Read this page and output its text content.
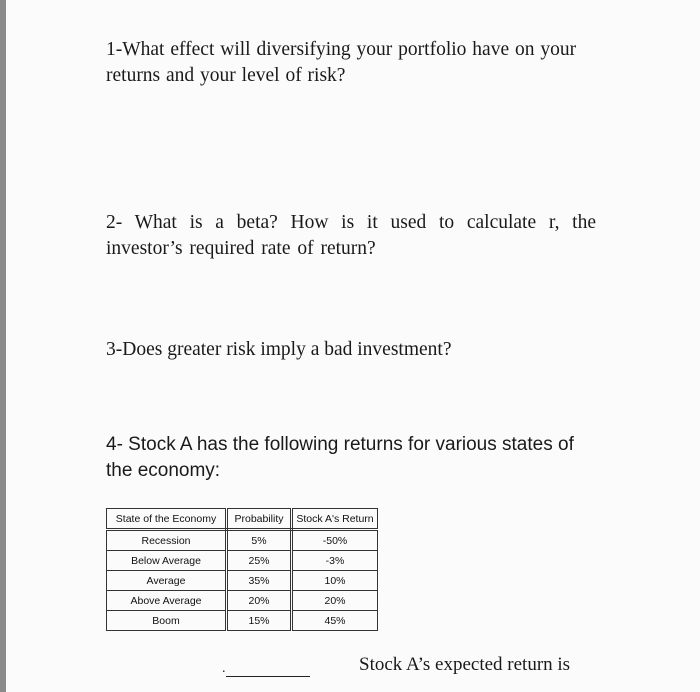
1-What effect will diversifying your portfolio have on your returns and your level of risk?
2- What is a beta? How is it used to calculate r, the investor’s required rate of return?
3-Does greater risk imply a bad investment?
4- Stock A has the following returns for various states of the economy:
State of the Economy	Probability	Stock A's Return
Recession	5%	-50%
Below Average	25%	-3%
Average	35%	10%
Above Average	20%	20%
Boom	15%	45%
.	Stock A’s expected return is
